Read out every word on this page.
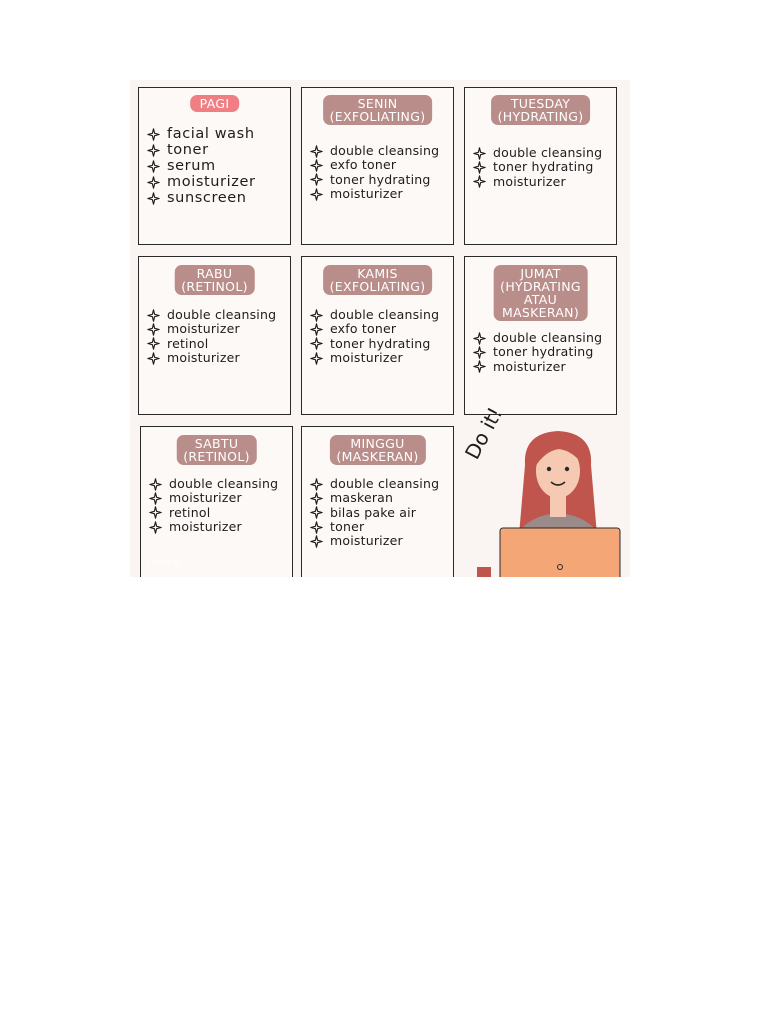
PAGI
facial wash
toner
serum
moisturizer
sunscreen
SENIN
(EXFOLIATING)
double cleansing
exfo toner
toner hydrating
moisturizer
TUESDAY
(HYDRATING)
double cleansing
toner hydrating
moisturizer
RABU
(RETINOL)
double cleansing
moisturizer
retinol
moisturizer
KAMIS
(EXFOLIATING)
double cleansing
exfo toner
toner hydrating
moisturizer
JUMAT
(HYDRATING
ATAU
MASKERAN)
double cleansing
toner hydrating
moisturizer
SABTU
(RETINOL)
double cleansing
moisturizer
retinol
moisturizer
canva
MINGGU
(MASKERAN)
double cleansing
maskeran
bilas pake air
toner
moisturizer
Do it!
